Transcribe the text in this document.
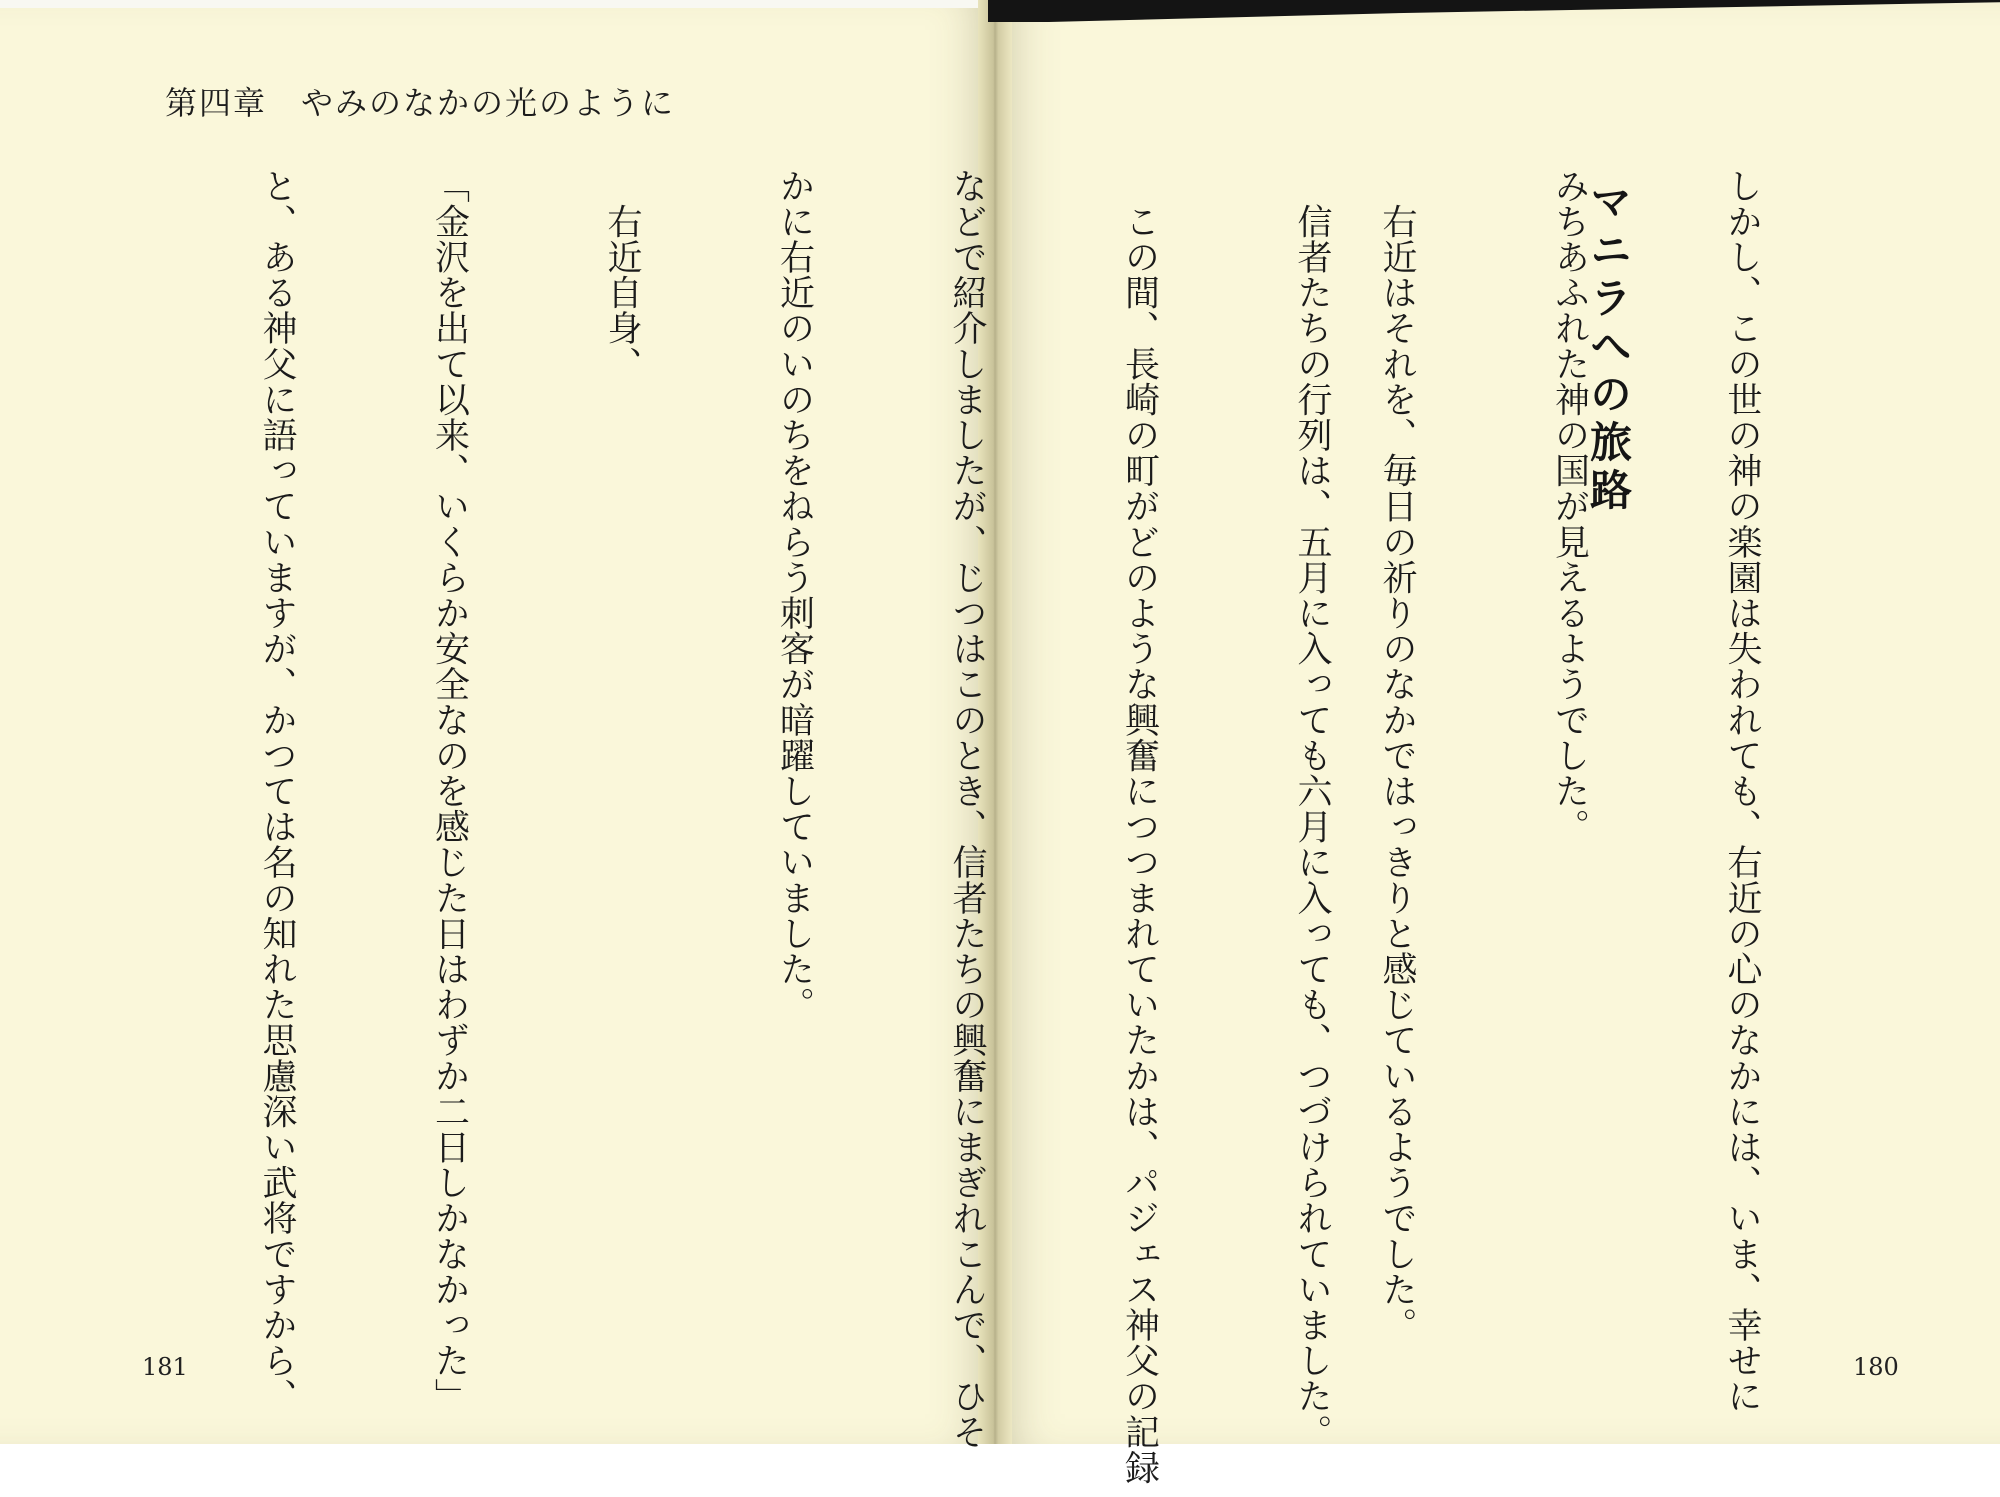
第四章 やみのなかの光のように

181	180

しかし、この世の神の楽園は失われても、右近の心のなかには、いま、幸せに

みちあふれた神の国が見えるようでした。

　右近はそれを、毎日の祈りのなかではっきりと感じているようでした。

	マニラへの旅路

　信者たちの行列は、五月に入っても六月に入っても、つづけられていました。

　この間、長崎の町がどのような興奮につつまれていたかは、パジェス神父の記録

などで紹介しましたが、じつはこのとき、信者たちの興奮にまぎれこんで、ひそ

かに右近のいのちをねらう刺客が暗躍していました。

　右近自身、

「金沢を出て以来、いくらか安全なのを感じた日はわずか二日しかなかった」

と、ある神父に語っていますが、かつては名の知れた思慮深い武将ですから、
